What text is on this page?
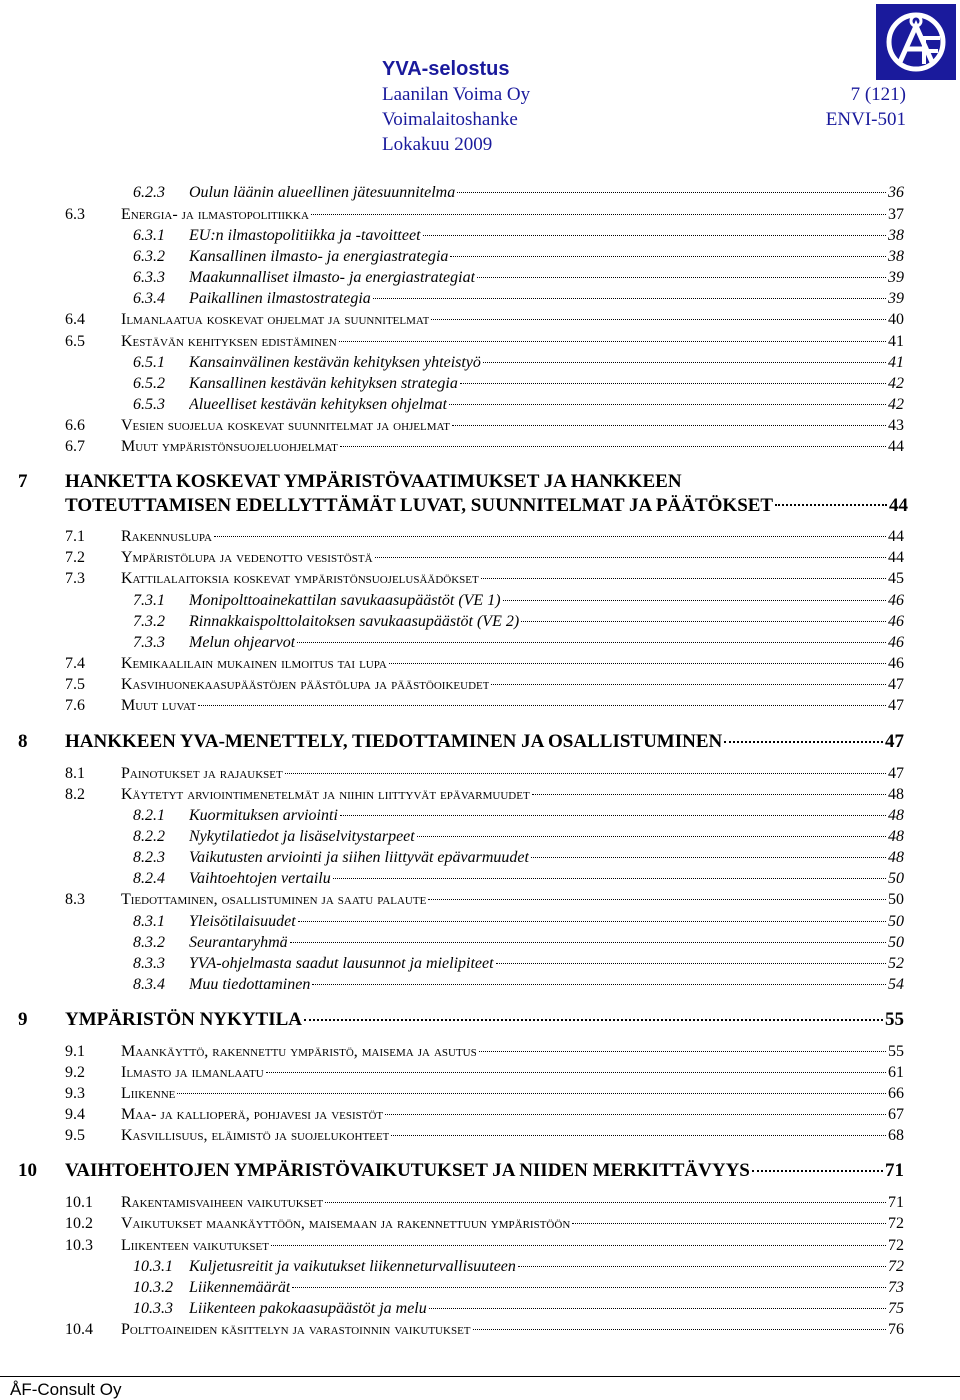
YVA-selostus
Laanilan Voima Oy	7 (121)
Voimalaitoshanke	ENVI-501
Lokakuu 2009
6.2.3	Oulun läänin alueellinen jätesuunnitelma	36
6.3	Energia- ja ilmastopolitiikka	37
6.3.1	EU:n ilmastopolitiikka ja -tavoitteet	38
6.3.2	Kansallinen ilmasto- ja energiastrategia	38
6.3.3	Maakunnalliset ilmasto- ja energiastrategiat	39
6.3.4	Paikallinen ilmastostrategia	39
6.4	Ilmanlaatua koskevat ohjelmat ja suunnitelmat	40
6.5	Kestävän kehityksen edistäminen	41
6.5.1	Kansainvälinen kestävän kehityksen yhteistyö	41
6.5.2	Kansallinen kestävän kehityksen strategia	42
6.5.3	Alueelliset kestävän kehityksen ohjelmat	42
6.6	Vesien suojelua koskevat suunnitelmat ja ohjelmat	43
6.7	Muut ympäristönsuojeluohjelmat	44
7	HANKETTA KOSKEVAT YMPÄRISTÖVAATIMUKSET JA HANKKEEN
TOTEUTTAMISEN EDELLYTTÄMÄT LUVAT, SUUNNITELMAT JA PÄÄTÖKSET	44
7.1	Rakennuslupa	44
7.2	Ympäristölupa ja vedenotto vesistöstä	44
7.3	Kattilalaitoksia koskevat ympäristönsuojelusäädökset	45
7.3.1	Monipolttoainekattilan savukaasupäästöt (VE 1)	46
7.3.2	Rinnakkaispolttolaitoksen savukaasupäästöt (VE 2)	46
7.3.3	Melun ohjearvot	46
7.4	Kemikaalilain mukainen ilmoitus tai lupa	46
7.5	Kasvihuonekaasupäästöjen päästölupa ja päästöoikeudet	47
7.6	Muut luvat	47
8	HANKKEEN YVA-MENETTELY, TIEDOTTAMINEN JA OSALLISTUMINEN	47
8.1	Painotukset ja rajaukset	47
8.2	Käytetyt arviointimenetelmät ja niihin liittyvät epävarmuudet	48
8.2.1	Kuormituksen arviointi	48
8.2.2	Nykytilatiedot ja lisäselvitystarpeet	48
8.2.3	Vaikutusten arviointi ja siihen liittyvät epävarmuudet	48
8.2.4	Vaihtoehtojen vertailu	50
8.3	Tiedottaminen, osallistuminen ja saatu palaute	50
8.3.1	Yleisötilaisuudet	50
8.3.2	Seurantaryhmä	50
8.3.3	YVA-ohjelmasta saadut lausunnot ja mielipiteet	52
8.3.4	Muu tiedottaminen	54
9	YMPÄRISTÖN NYKYTILA	55
9.1	Maankäyttö, rakennettu ympäristö, maisema ja asutus	55
9.2	Ilmasto ja ilmanlaatu	61
9.3	Liikenne	66
9.4	Maa- ja kallioperä, pohjavesi ja vesistöt	67
9.5	Kasvillisuus, eläimistö ja suojelukohteet	68
10	VAIHTOEHTOJEN YMPÄRISTÖVAIKUTUKSET JA NIIDEN MERKITTÄVYYS	71
10.1	Rakentamisvaiheen vaikutukset	71
10.2	Vaikutukset maankäyttöön, maisemaan ja rakennettuun ympäristöön	72
10.3	Liikenteen vaikutukset	72
10.3.1	Kuljetusreitit ja vaikutukset liikenneturvallisuuteen	72
10.3.2	Liikennemäärät	73
10.3.3	Liikenteen pakokaasupäästöt ja melu	75
10.4	Polttoaineiden käsittelyn ja varastoinnin vaikutukset	76
ÅF-Consult Oy
